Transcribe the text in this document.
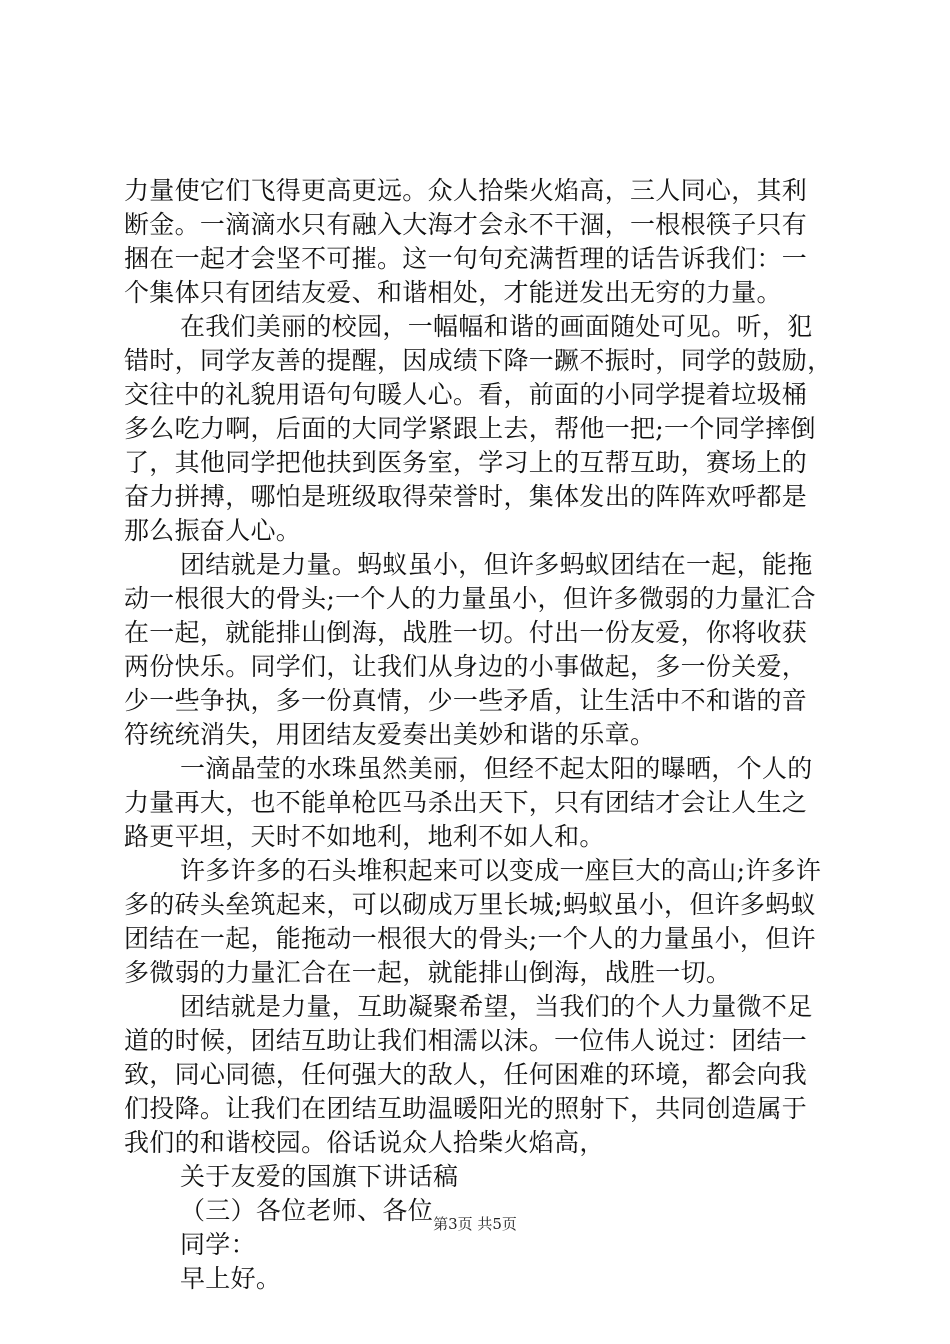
力量使它们飞得更高更远。众人拾柴火焰高，三人同心，其利
断金。一滴滴水只有融入大海才会永不干涸，一根根筷子只有
捆在一起才会坚不可摧。这一句句充满哲理的话告诉我们：一
个集体只有团结友爱、和谐相处，才能迸发出无穷的力量。
在我们美丽的校园，一幅幅和谐的画面随处可见。听，犯
错时，同学友善的提醒，因成绩下降一蹶不振时，同学的鼓励，
交往中的礼貌用语句句暖人心。看，前面的小同学提着垃圾桶
多么吃力啊，后面的大同学紧跟上去，帮他一把;一个同学摔倒
了，其他同学把他扶到医务室，学习上的互帮互助，赛场上的
奋力拼搏，哪怕是班级取得荣誉时，集体发出的阵阵欢呼都是
那么振奋人心。
团结就是力量。蚂蚁虽小，但许多蚂蚁团结在一起，能拖
动一根很大的骨头;一个人的力量虽小，但许多微弱的力量汇合
在一起，就能排山倒海，战胜一切。付出一份友爱，你将收获
两份快乐。同学们，让我们从身边的小事做起，多一份关爱，
少一些争执，多一份真情，少一些矛盾，让生活中不和谐的音
符统统消失，用团结友爱奏出美妙和谐的乐章。
一滴晶莹的水珠虽然美丽，但经不起太阳的曝晒，个人的
力量再大，也不能单枪匹马杀出天下，只有团结才会让人生之
路更平坦，天时不如地利，地利不如人和。
许多许多的石头堆积起来可以变成一座巨大的高山;许多许
多的砖头垒筑起来，可以砌成万里长城;蚂蚁虽小，但许多蚂蚁
团结在一起，能拖动一根很大的骨头;一个人的力量虽小，但许
多微弱的力量汇合在一起，就能排山倒海，战胜一切。
团结就是力量，互助凝聚希望，当我们的个人力量微不足
道的时候，团结互助让我们相濡以沫。一位伟人说过：团结一
致，同心同德，任何强大的敌人，任何困难的环境，都会向我
们投降。让我们在团结互助温暖阳光的照射下，共同创造属于
我们的和谐校园。俗话说众人拾柴火焰高，
关于友爱的国旗下讲话稿
（三）各位老师、各位
同学：
早上好。
第3页 共5页
